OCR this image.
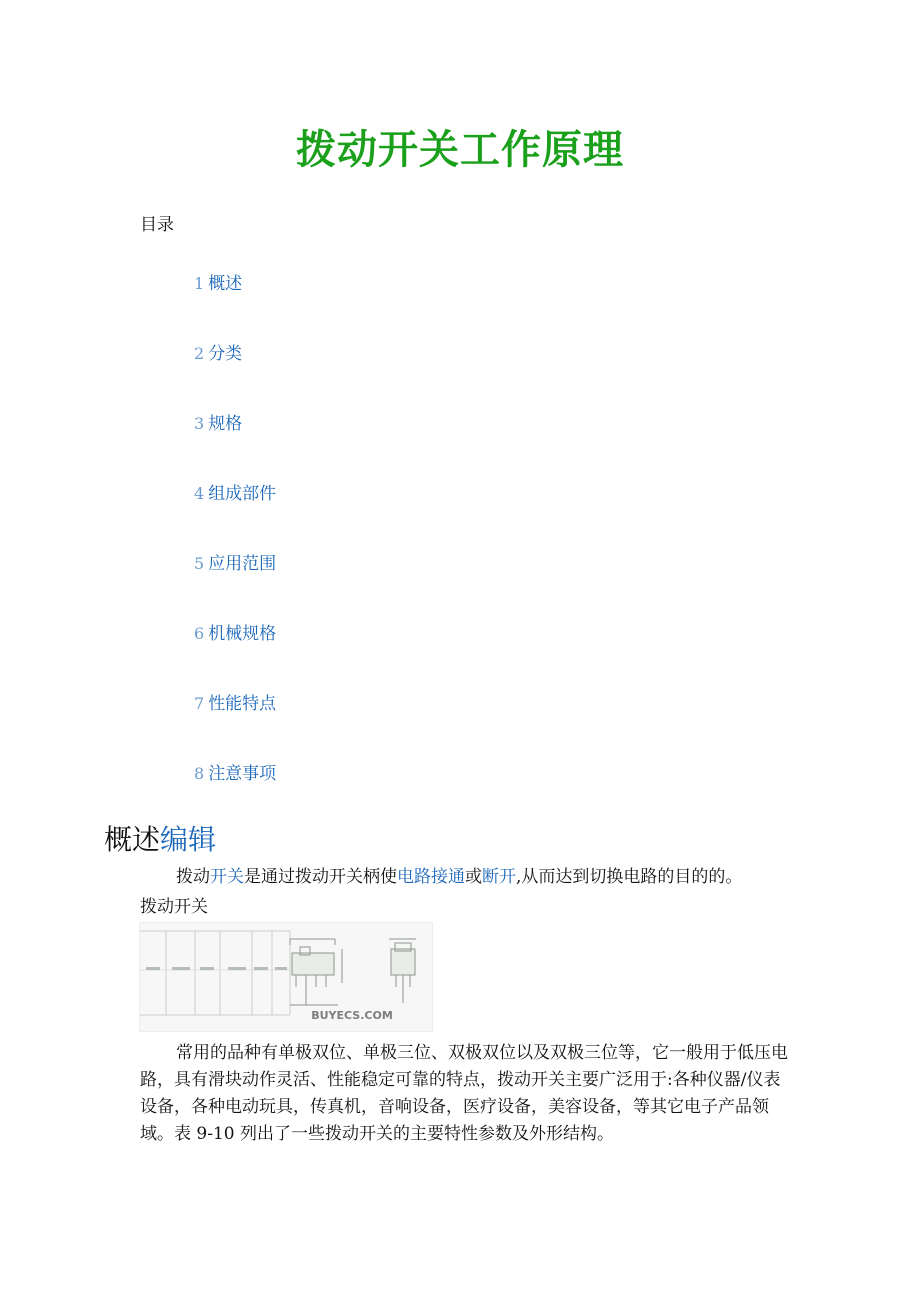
拨动开关工作原理
目录
1 概述
2 分类
3 规格
4 组成部件
5 应用范围
6 机械规格
7 性能特点
8 注意事项
概述编辑
拨动开关是通过拨动开关柄使电路接通或断开,从而达到切换电路的目的的。
拨动开关
BUYECS.COM
常用的品种有单极双位、单极三位、双极双位以及双极三位等，它一般用于低压电路，具有滑块动作灵活、性能稳定可靠的特点，拨动开关主要广泛用于:各种仪器/仪表设备，各种电动玩具，传真机，音响设备，医疗设备，美容设备，等其它电子产品领域。表 9-10 列出了一些拨动开关的主要特性参数及外形结构。
